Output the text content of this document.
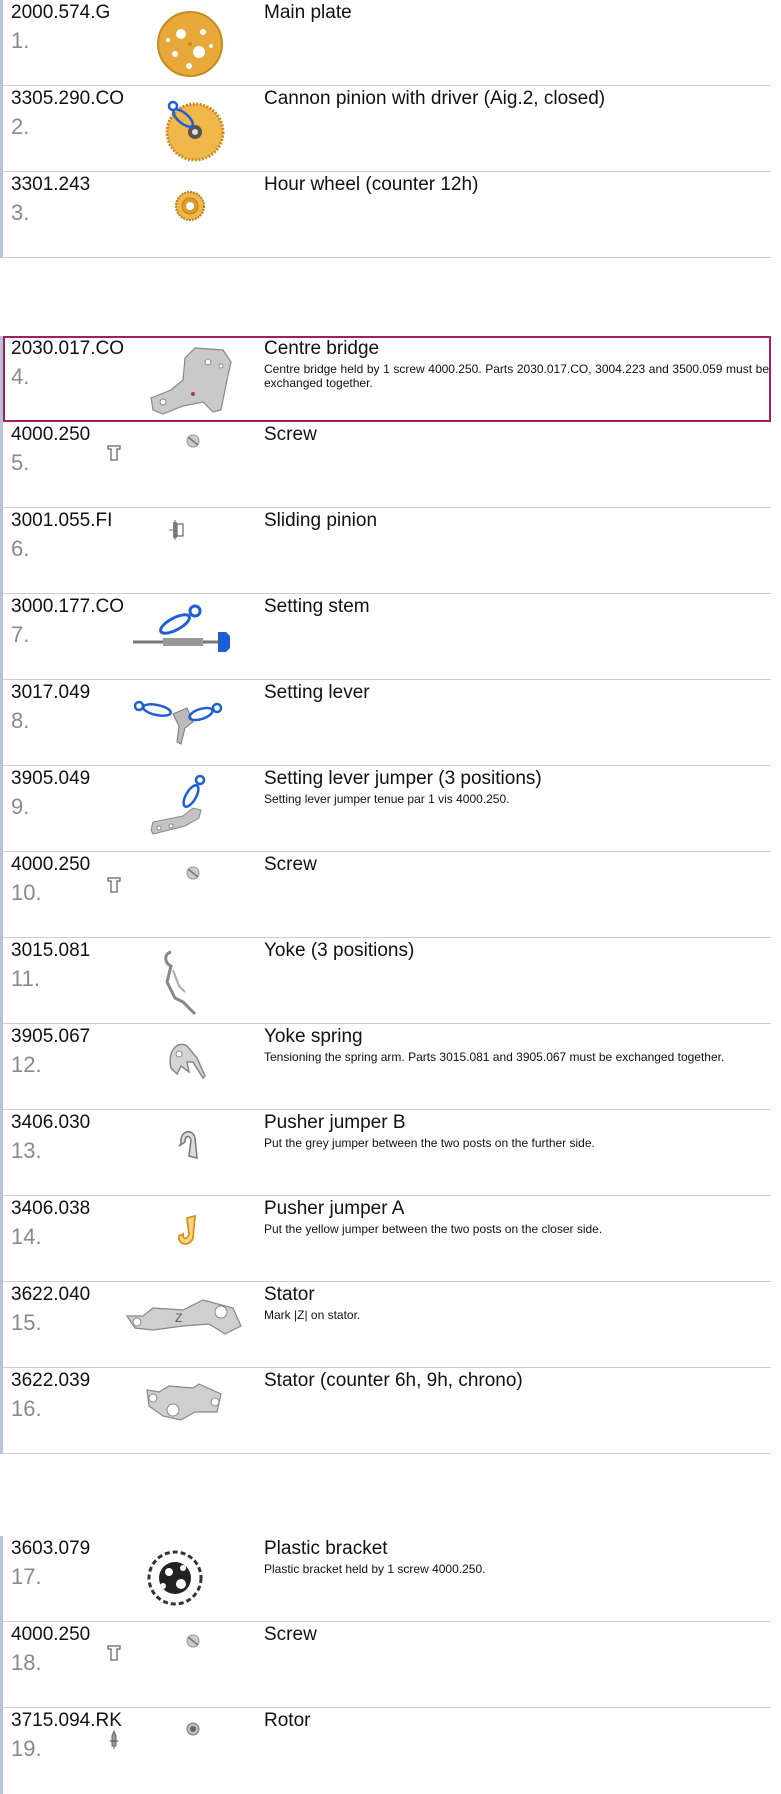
2000.574.G
1.
Main plate
3305.290.CO
2.
Cannon pinion with driver (Aig.2, closed)
3301.243
3.
Hour wheel (counter 12h)
2030.017.CO
4.
Centre bridge
Centre bridge held by 1 screw 4000.250. Parts 2030.017.CO, 3004.223 and 3500.059 must be exchanged together.
4000.250
5.
Screw
3001.055.FI
6.
Sliding pinion
3000.177.CO
7.
Setting stem
3017.049
8.
Setting lever
3905.049
9.
Setting lever jumper (3 positions)
Setting lever jumper tenue par 1 vis 4000.250.
4000.250
10.
Screw
3015.081
11.
Yoke (3 positions)
3905.067
12.
Yoke spring
Tensioning the spring arm. Parts 3015.081 and 3905.067 must be exchanged together.
3406.030
13.
Pusher jumper B
Put the grey jumper between the two posts on the further side.
3406.038
14.
Pusher jumper A
Put the yellow jumper between the two posts on the closer side.
3622.040
15.	Z
Stator
Mark |Z| on stator.
3622.039
16.
Stator (counter 6h, 9h, chrono)
3603.079
17.
Plastic bracket
Plastic bracket held by 1 screw 4000.250.
4000.250
18.
Screw
3715.094.RK
19.
Rotor
